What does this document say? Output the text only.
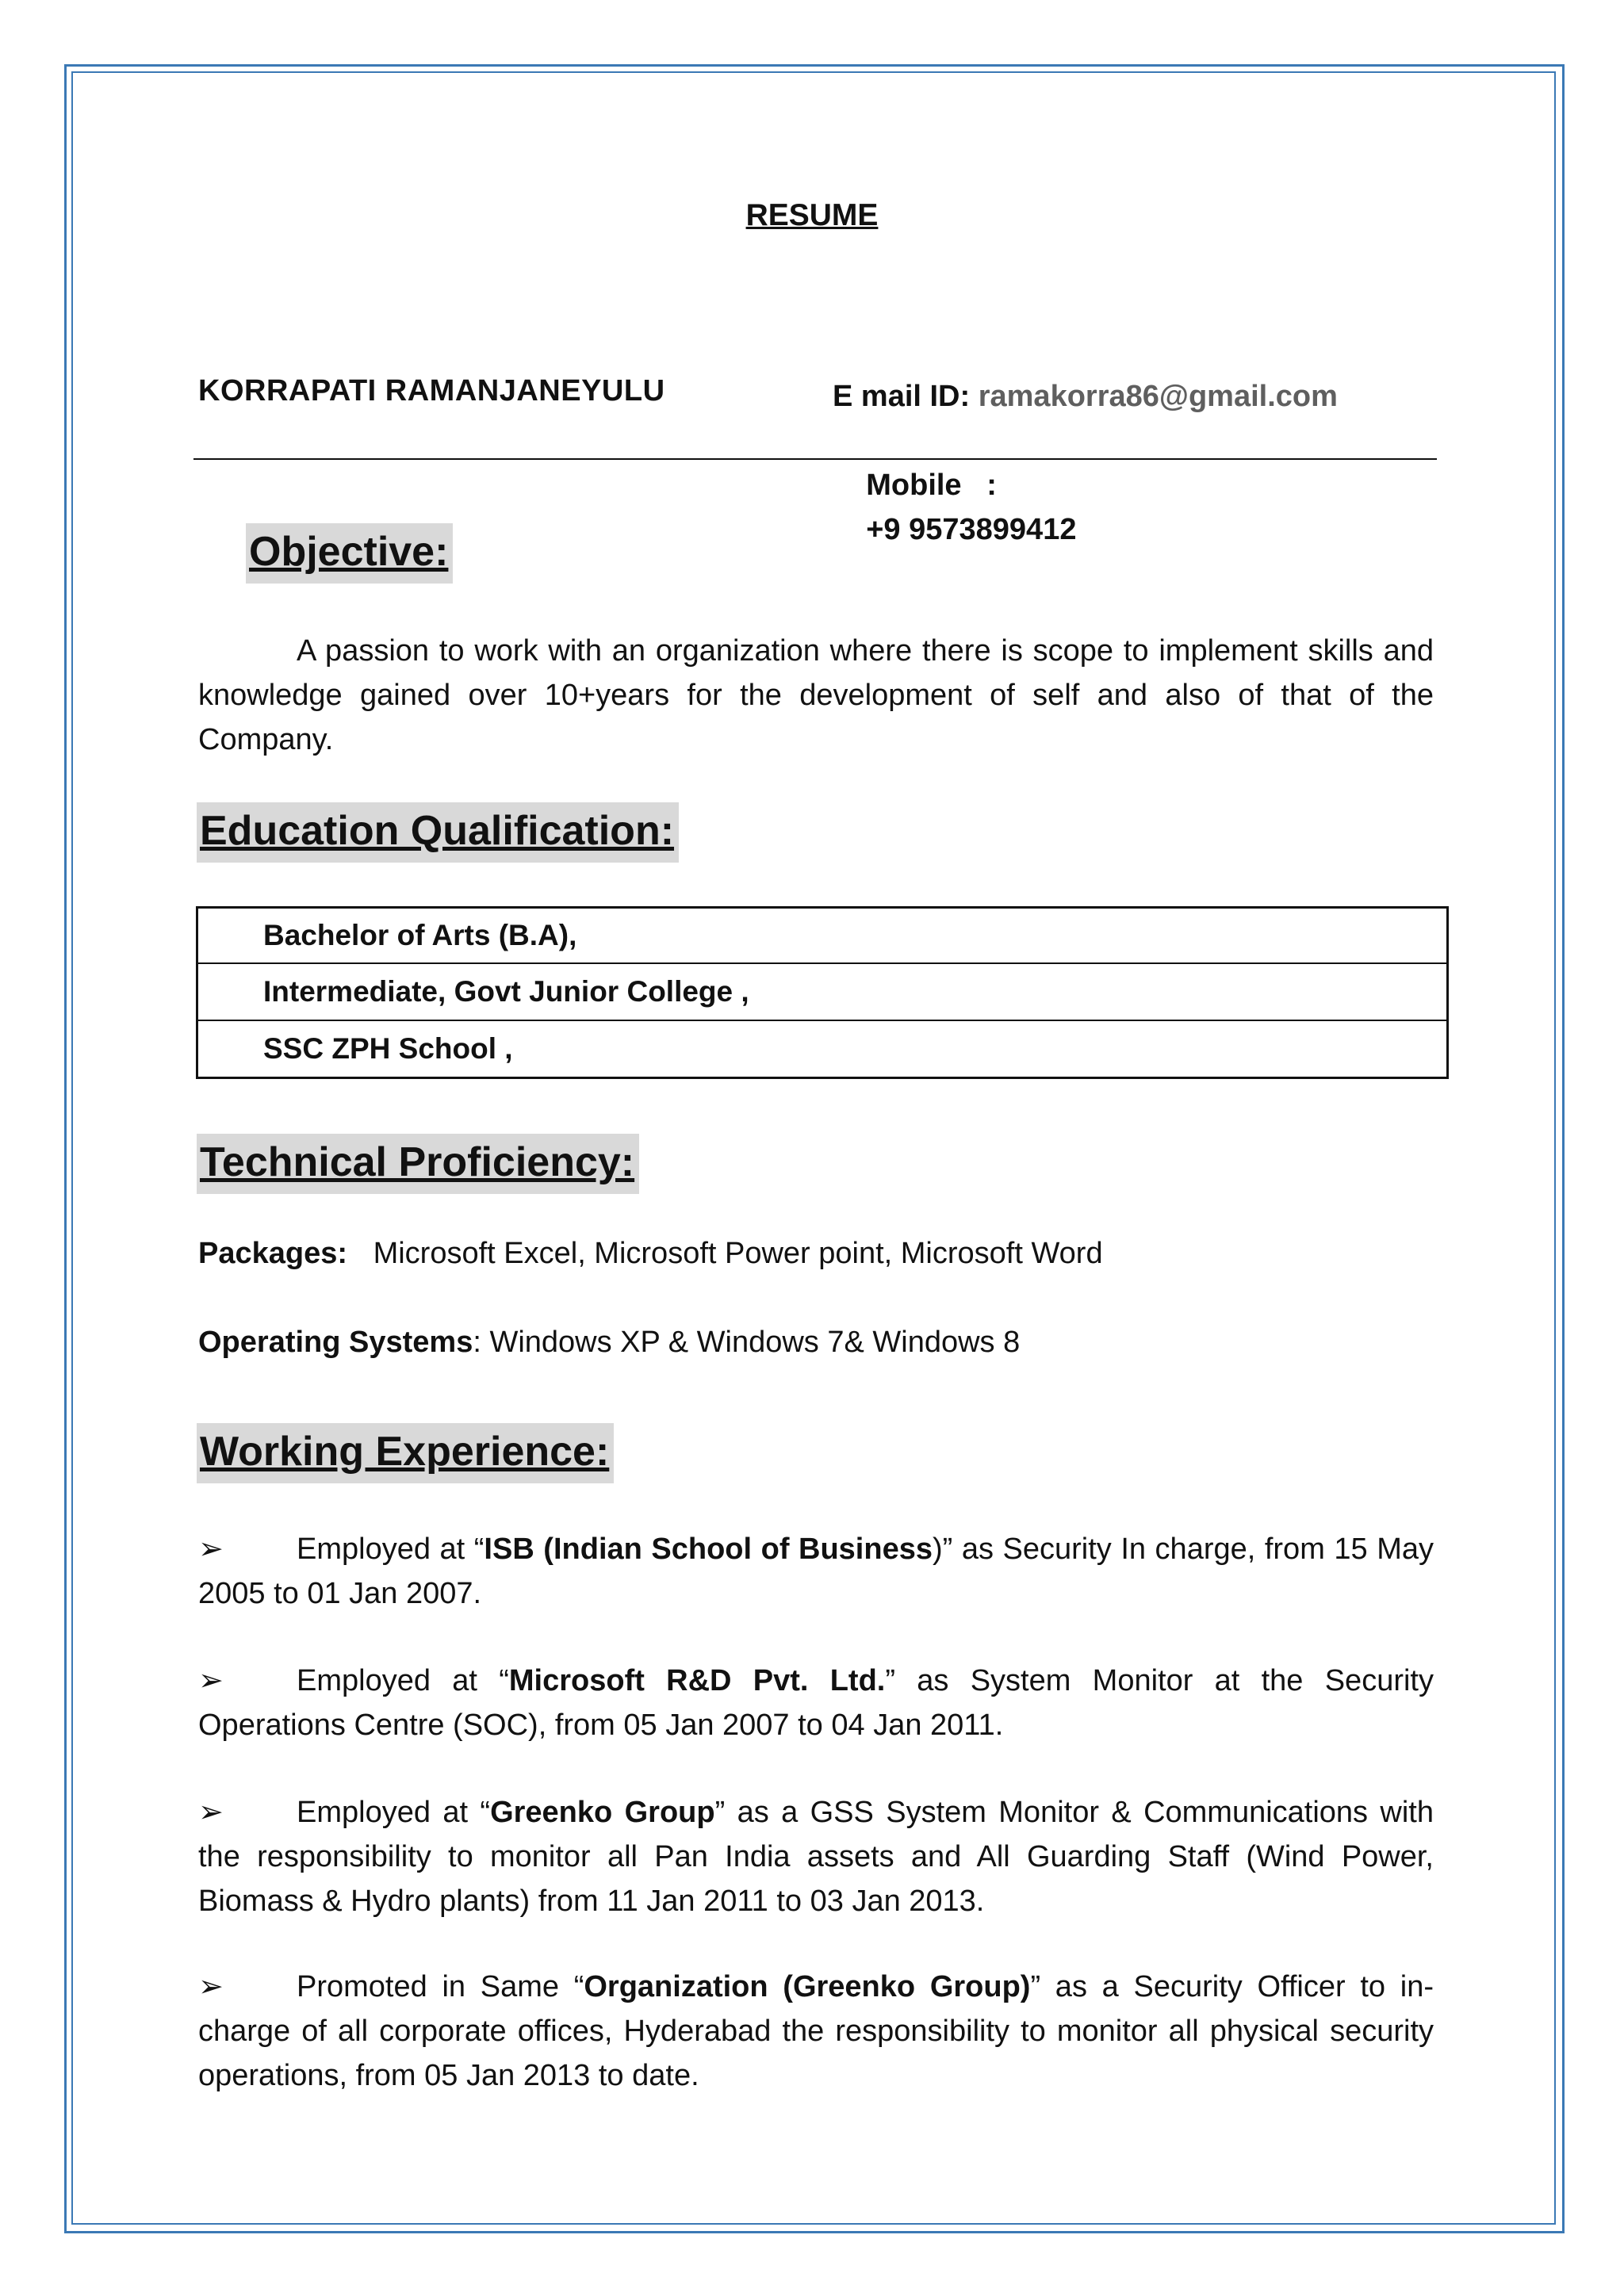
RESUME
KORRAPATI RAMANJANEYULU	E mail ID: ramakorra86@gmail.com

Mobile   :
+9 9573899412

Objective:
A passion to work with an organization where there is scope to implement skills and knowledge gained over 10+years for the development of self and also of that of the Company.
Education Qualification:
Bachelor of Arts (B.A),
Intermediate, Govt Junior College ,
SSC ZPH School ,
Technical Proficiency:
Packages: Microsoft Excel, Microsoft Power point, Microsoft Word
Operating Systems: Windows XP & Windows 7& Windows 8
Working Experience:
➢ Employed at “ISB (Indian School of Business)” as Security In charge, from 15 May 2005 to 01 Jan 2007.
➢ Employed at “Microsoft R&D Pvt. Ltd.” as System Monitor at the Security Operations Centre (SOC), from 05 Jan 2007 to 04 Jan 2011.
➢ Employed at “Greenko Group” as a GSS System Monitor & Communications with the responsibility to monitor all Pan India assets and All Guarding Staff (Wind Power, Biomass & Hydro plants) from 11 Jan 2011 to 03 Jan 2013.
➢ Promoted in Same “Organization (Greenko Group)” as a Security Officer to in-charge of all corporate offices, Hyderabad the responsibility to monitor all physical security operations, from 05 Jan 2013 to date.
